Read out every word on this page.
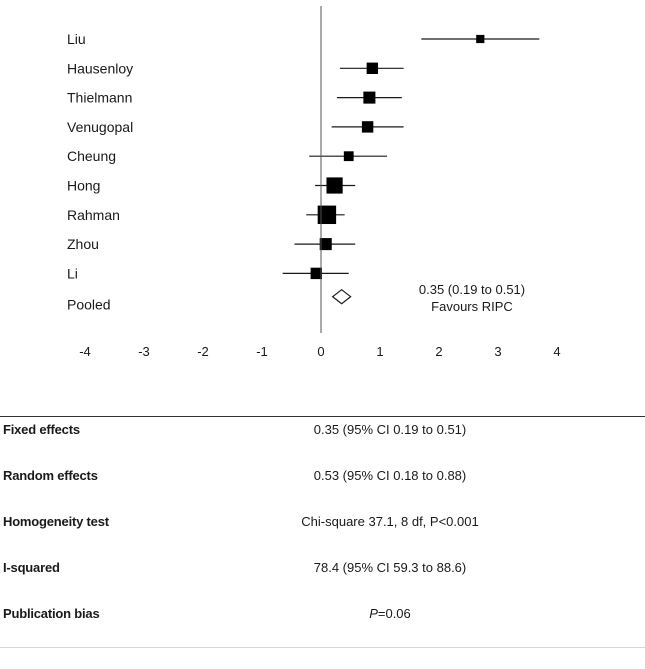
Liu
Hausenloy
Thielmann
Venugopal
Cheung
Hong
Rahman
Zhou
Li
Pooled
-4	-3	-2	-1	0	1	2	3	4
0.35 (0.19 to 0.51)
Favours RIPC
Fixed effects	0.35 (95% CI 0.19 to 0.51)
Random effects	0.53 (95% CI 0.18 to 0.88)
Homogeneity test	Chi-square 37.1, 8 df, P<0.001
I-squared	78.4 (95% CI 59.3 to 88.6)
Publication bias	P=0.06
